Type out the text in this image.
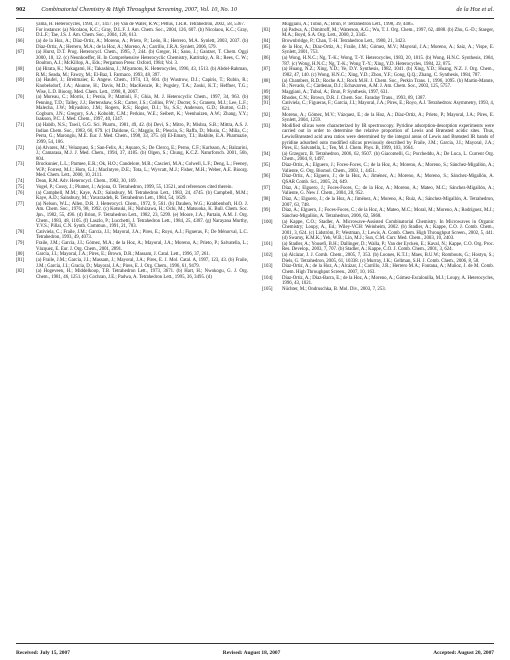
902	Combinatorial Chemistry & High Throughput Screening, 2007, Vol. 10, No. 10	de la Hoz et al.
yama, H. Heterocycles, 1994, 37, 1417. (e) Van de Water, R.W.; Pettus, T.R.R. Tetrahedron, 2002, 58, 5367.
[65]	For instance: (a) Nicolaou, K.C.; Gray, D.L.F. J. Am. Chem. Soc., 2004, 126, 607. (b) Nicolaou, K.C.; Gray, D.L.F.; Tae, J.S. J. Am. Chem. Soc., 2004, 126, 613.
[66]	(a) de la Hoz, A.; Díaz-Ortiz, A.; Moreno, A.; Prieto, P.; León, R.; Herrero, M.A. Synlett, 2003, 2037. (b) Díaz-Ortiz, A.; Herrero, M.A.; de la Hoz, A.; Moreno, A.; Carrillo, J.R.A. Synlett, 2006, 579.
[67]	(a) Hurst, D.T. Prog. Heterocycl. Chem., 1995, 7, 244. (b) Gregor, H.; Sano, J.; Gantzer, T. Chem. Oggi 2000, 18, 12. (c) Neunhoeffer, H. In Comprehensive Heterocyclic Chemistry, Katritzky, A. R.; Rees, C. W.; Boulton, A.J.; McKillop, A., Eds.; Pergamon Press: Oxford, 1984; Vol. 3.
[68]	(a) Hirata, K.; Nakagami, H.; Takashina, J.; Miyamoto, K. Heterocycles, 1996, 43, 1513. (b) Abdel-Rahman, R.M.; Seada, M.; Fawzy, M.; El-Baz, I. Farmaco, 1993, 48, 397.
[69]	(a) Haufel, J.; Breitmaier, E. Angew. Chem., 1974, 13, 604. (b) Wustrow, D.J.; Capiris, T.; Rubin, R.; Knobelsdorf, J.A.; Akunne, H.; Davis, M.D.; MacKenzie, R.; Pugsley, T.A.; Zoski, K.T.; Heffner, T.G.; Wise, L.D. Bioorg. Med. Chem. Lett., 1998, 8, 2067.
[70]	(a) Moreau, C.; Morris, I.; Persia, P.; Mattioli, F.; Ghia, M. J. Heterocyclic Chem., 1997, 34, 963. (b) Penning, T.D.; Talley, J.J.; Bertenshaw, S.R.; Carter, J.S.; Collins, P.W.; Docter, S.; Graneto, M.J.; Lee, L.F.; Malecha, J.W.; Miyashiro, J.M.; Rogers, R.S.; Rogier, D.J.; Yu, S.S.; Anderson, G.D.; Burton, G.D.; Cogburn, J.N.; Gregory, S.A.; Koboldt, C.M.; Perkins, W.E.; Seibert, K.; Veenhuizen, A.W.; Zhang, Y.Y.; Isakson, P.C. J. Med. Chem., 1997, 40, 1347.
[71]	(a) Habib, N.S.; Tawil, G.G. Sci. Pharm., 1981, 49, 42. (b) Devi, S.; Mitro, P.; Mishra, S.B.; Mittra, A.S. J. Indian Chem. Soc., 1983, 60, 679. (c) Daidone, G.; Maggio, B.; Plescia, S.; Raffa, D.; Musiu, C.; Milia, C.; Perra, G.; Marongiu, M.E. Eur. J. Med. Chem., 1998, 33, 375. (d) El-Emary, T.I.; Bakhite, E.A. Pharmazie, 1999, 54, 106.
[72]	(a) Alvarez, M.; Velazquez, S.; San-Felix, A.; Aquaro, S.; De Clercq, E.; Perno, C.F.; Karlsson, A.; Balzarini, J.; Camarasa, M.J. J. Med. Chem., 1994, 37, 4185. (b) Olgen, S.; Chung, K.C.Z. Naturforsch. 2001, 56b, 804.
[73]	Brockunier, L.L.; Parmee, E.R.; Ok, H.O.; Candelore, M.R.; Cascieri, M.A.; Colwell, L.F.; Deng, L.; Feeney, W.P.; Forrest, M.J.; Hom, G.J.; MacIntyre, D.E.; Tota, L.; Wyvratt, M.J.; Fisher, M.H.; Weber, A.E. Bioorg. Med. Chem. Lett., 2000, 10, 2111.
[74]	Dean, R.M. Adv. Heterocycl. Chem., 1982, 30, 169.
[75]	Vogel, P.; Cossy, J.; Plumet, J.; Arjona, O. Tetrahedron, 1999, 55, 13521, and references cited therein.
[76]	(a) Campbell, M.M.; Kaye, A.D.; Sainsbury, M. Tetrahedron Lett., 1983, 24, 4745. (b) Campbell, M.M.; Kaye, A.D.; Sainsbury, M.; Yavarzadeh, R. Tetrahedron Lett., 1984, 54, 1629.
[77]	(a) Nelson, W.L.; Allen, D.R. J. Heterocycl. Chem., 1972, 9, 561. (b) Dauben, W.G.; Krabbenhoft, H.O. J. Am. Chem. Soc., 1976, 98, 1992. (c) Kotsuki, H.; Nishizawa, H.; Ochi, M.; Matsuoka, K. Bull. Chem. Soc. Jpn., 1982, 55, 496. (d) Brion, F. Tetrahedron Lett., 1982, 23, 5299. (e) Moore, J.A.; Partain, A.M. J. Org. Chem., 1983, 48, 1105. (f) Laszlo, P.; Lucchetti, J. Tetrahedron Lett., 1984, 25, 4387. (g) Narayana Murthy, Y.V.S.; Pillai, C.N. Synth. Commun., 1991, 21, 783.
[78]	Cativiela, C.; Fraile, J.M.; García, J.I.; Mayoral, J.A.; Pires, E.; Royo, A.J.; Figueras, F.; De Ménorval, L.C. Tetrahedron, 1993, 49, 4073.
[79]	Fraile, J.M.; García, J.I.; Gómez, M.A.; de la Hoz, A.; Mayoral, J.A.; Moreno, A.; Prieto, P.; Salvatella, L.; Vázquez, E. Eur. J. Org. Chem., 2001, 2891.
[80]	García, J.I.; Mayoral, J.A.; Pires, E.; Brown, D.R.; Massam, J. Catal. Lett., 1996, 37, 261.
[81]	(a) Fraile, J.M.; García, J.I.; Massam, J.; Mayoral, J.A.; Pires, E. J. Mol. Catal. A, 1997, 123, 43. (b) Fraile, J.M.; García, J.I.; Gracia, D.; Mayoral, J.A.; Pires, E. J. Org. Chem., 1996, 61, 9479.
[82]	(a) Hogeveen, H.; Middelkoop, T.B. Tetrahedron Lett., 1973, 3671. (b) Hart, H.; Nwokogu, G. J. Org. Chem., 1981, 46, 1251. (c) Cochran, J.E.; Padwa, A. Tetrahedron Lett., 1995, 36, 3495. (d)
Muggiani, A.; Tubul, A.; Brun, P. Tetrahedron Lett., 1998, 39, 4485.
[83]	(a) Padwa, A.; Dimitroff, M.; Waterson, A.G.; Wu, T. J. Org. Chem., 1997, 62, 4088. (b) Zhu, G.-D.; Staeger, M.A.; Boyd, S.A. Org. Lett., 2000, 2, 3345.
[84]	Brownbridge, P.; Chan, T.-H. Tetrahedron Lett., 1980, 21, 3423.
[85]	de la Hoz, A.; Díaz-Ortiz, A.; Fraile, J.M.; Gómez, M.V.; Mayoral, J.A.; Moreno, A.; Saiz, A.; Vispe, E. Synlett, 2001, 753.
[86]	(a) Wong, H.N.C.; Ng, T.-K.; Wong, T.-Y. Heterocycles, 1983, 20, 1815. (b) Wong, H.N.C. Synthesis, 1984, 787. (c) Wong, H.N.C.; Ng, T.-K.; Wong T.-Y.; Xing, Y.D. Heterocycles, 1984, 22, 875.
[87]	(a) Huang, N.Z.; Xing, Y.D.; Ye, D.Y. Synthesis, 1982, 1041. (b) Xing, Y.D.; Huang, N.Z. J. Org. Chem., 1982, 47, 140. (c) Wong, H.N.C.; Xing, Y.D.; Zhou, Y.F.; Gong, Q.Q.; Zhang, C. Synthesis, 1984, 787.
[88]	(a) Chambers, R.D.; Roche A.J.; Rock M.H. J. Chem. Soc., Perkin Trans. 1, 1996, 1095. (b) Martín-Matute, B.; Nevado, C.; Cárdenas, D.J.; Echavarren, A.M. J. Am. Chem. Soc., 2003, 125, 5757.
[89]	Maggiani, A.; Tubul, A.; Brun, P. Synthesis, 1997, 631.
[90]	Rhodes, C.N.; Brown, D.R. J. Chem. Soc. Faraday Trans., 1993, 89, 1387.
[91]	Cativiela, C.; Figueras, F.; García, J.I.; Mayoral, J.A.; Pires, E.; Royo, A.J. Tetrahedron: Asymmetry, 1993, 4, 621.
[92]	Moreno, A.; Gómez, M.V.; Vázquez, E.; de la Hoz, A.; Díaz-Ortiz, A.; Prieto, P.; Mayoral, J.A.; Pires, E. Synlett, 2004, 1259.
[93]	Modified silicas were characterized by IR spectroscopy. Pyridine adsorption-desorption experiments were carried out in order to determine the relative proportion of Lewis and Brønsted acidic sites. Thus, Lewis/Brønsted acid area ratios were determined by the integral areas of Lewis and Brønsted IR bands of pyridine adsorbed onto modified silicas previously described by Fraile, J.M.; García, J.I.; Mayoral, J.A.; Pires, E.; Salvatella, L.; Ten, M. J. Chem. Phys. B, 1999, 103, 1664.
[94]	(a) Grzegorz, B. Tetrahedron, 2006, 62, 9507. (b) Giacomelli, G.; Porcheddu, A.; De Luca, L. Current Org. Chem., 2004, 8, 1497.
[95]	Díaz-Ortiz, A.; Elguero, J.; Foces-Foces, C.; de la Hoz, A.; Moreno, A.; Moreno, S.; Sánchez-Migallón, A.; Valiente, G. Org. Biomol. Chem., 2003, 1, 4451.
[96]	Díaz-Ortiz, A.; Elguero, J.; de la Hoz, A.; Jiménez, A.; Moreno, A.; Moreno, S.; Sánchez-Migallón, A. QSAR Comb. Sci., 2005, 24, 649.
[97]	Díaz, A.; Elguero, J.; Foces-Foces, C.; de la Hoz, A.; Moreno, A.; Mateo, M.C.; Sánchez-Migallón, A.; Valiente, G. New J. Chem., 2004, 28, 952.
[98]	Díaz, A.; Elguero, J.; de la Hoz, A.; Jiménez, A.; Moreno, A.; Ruiz, A.; Sánchez-Migallón, A. Tetrahedron, 2007, 63, 748.
[99]	Díaz, A.; Elguero, J.; Foces-Foces, C.; de la Hoz, A.; Mateo, M.C.; Moral, M.; Moreno, A.; Rodríguez, M.J.; Sánchez-Migallón, A. Tetrahedron, 2006, 62, 5868.
[100]	(a) Kappe, C.O.; Stadler, A. Microwave-Assisted Combinatorial Chemistry. In Microwaves in Organic Chemistry; Loupy, A., Ed.; Wiley-VCH: Weinheim, 2002. (b) Stadler, A.; Kappe, C.O. J. Comb. Chem., 2001, 3, 624. (c) Lidström, P.; Westman, J.; Lewis, A. Comb. Chem. High Throughput Screen., 2002, 5, 441. (d) Swamy, K.M.K.; Yeh, W.B.; Lin, M.J.; Sun, C.M. Curr. Med. Chem., 2003, 10, 2403.
[101]	(a) Stadler, A.; Yousefi, B.H.; Dallinger, D.; Walla, P.; Van der Eycken, E.; Kaval, N.; Kappe, C.O. Org. Proc. Res. Develop., 2003, 7, 707. (b) Stadler, A.; Kappe, C.O. J. Comb. Chem., 2001, 3, 624.
[102]	(a) Alcázar, J. J. Comb. Chem., 2005, 7, 353. (b) Loones, K.T.J.; Maes, B.U.W.; Rombouts, G.; Hostyn, S.; Diels, G. Tetrahedron, 2005, 61, 10338. (c) Murray, J.K.; Gellman, S.H. J. Comb. Chem., 2006, 8, 58.
[103]	Díaz-Ortiz, A.; de la Hoz, A.; Alcázar, J.; Carrillo, J.R.; Herrero M.A.; Fontana, A.; Muñoz, J. de M. Comb. Chem. High Throughput Screen., 2007, 10, 163.
[104]	Díaz-Ortiz, A.; Díaz-Barra, E.; de la Hoz, A.; Moreno, A.; Gómez-Escalonilla, M.J.; Loupy, A. Heterocycles, 1996, 43, 1021.
[105]	Nüchter, M.; Ondruschka, B. Mol. Div., 2003, 7, 253.
Received: July 15, 2007	Revised: August 18, 2007	Accepted: August 20, 2007
